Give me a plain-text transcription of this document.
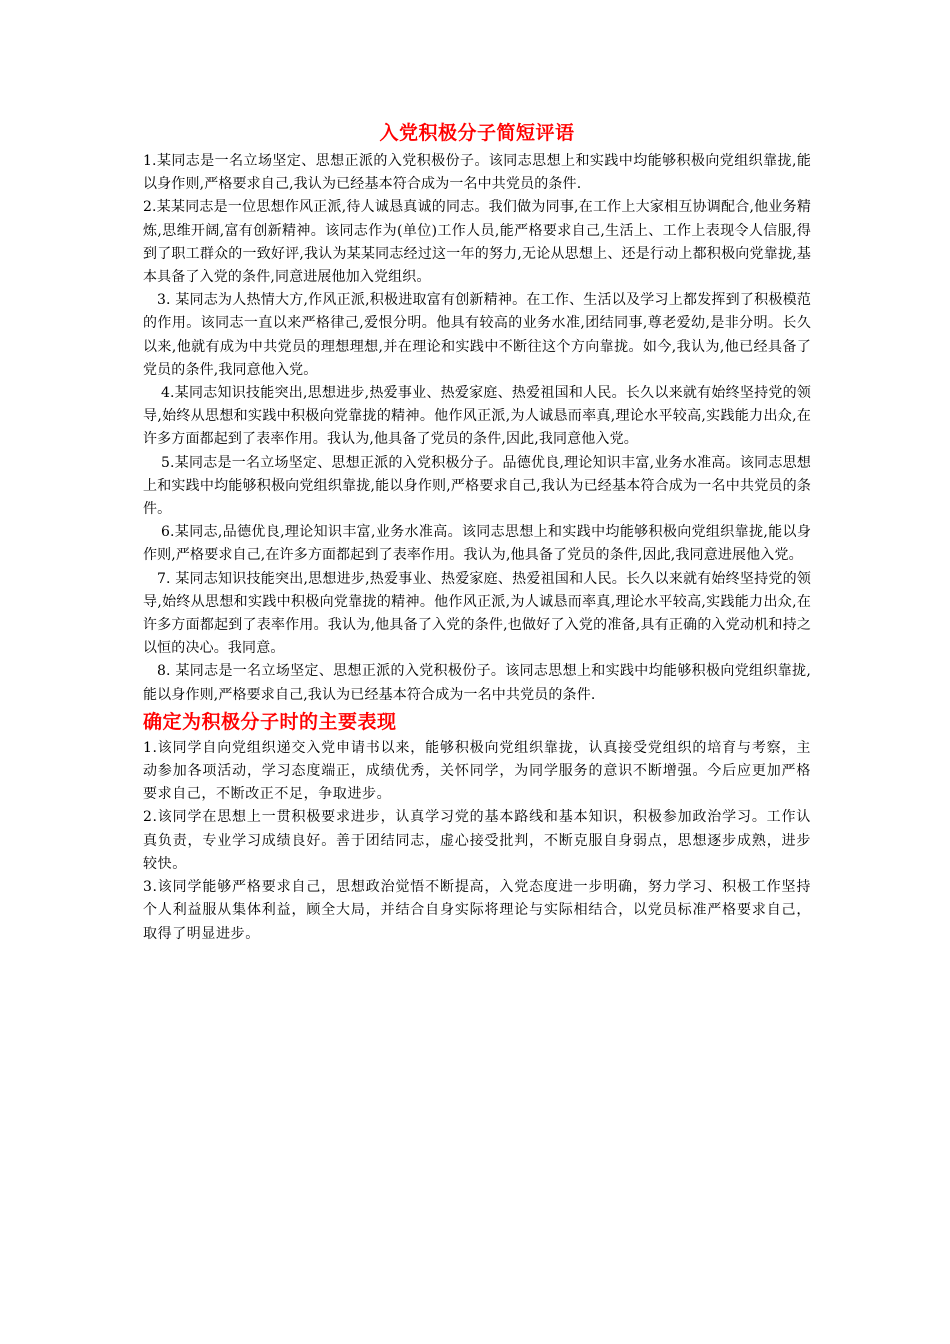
入党积极分子简短评语

1.某同志是一名立场坚定、思想正派的入党积极份子。该同志思想上和实践中均能够积极向党组织靠拢,能以身作则,严格要求自己,我认为已经基本符合成为一名中共党员的条件.

2.某某同志是一位思想作风正派,待人诚恳真诚的同志。我们做为同事,在工作上大家相互协调配合,他业务精炼,思维开阔,富有创新精神。该同志作为(单位)工作人员,能严格要求自己,生活上、工作上表现令人信服,得到了职工群众的一致好评,我认为某某同志经过这一年的努力,无论从思想上、还是行动上都积极向党靠拢,基本具备了入党的条件,同意进展他加入党组织。

3. 某同志为人热情大方,作风正派,积极进取富有创新精神。在工作、生活以及学习上都发挥到了积极模范的作用。该同志一直以来严格律己,爱恨分明。他具有较高的业务水准,团结同事,尊老爱幼,是非分明。长久以来,他就有成为中共党员的理想理想,并在理论和实践中不断往这个方向靠拢。如今,我认为,他已经具备了党员的条件,我同意他入党。

4.某同志知识技能突出,思想进步,热爱事业、热爱家庭、热爱祖国和人民。长久以来就有始终坚持党的领导,始终从思想和实践中积极向党靠拢的精神。他作风正派,为人诚恳而率真,理论水平较高,实践能力出众,在许多方面都起到了表率作用。我认为,他具备了党员的条件,因此,我同意他入党。

5.某同志是一名立场坚定、思想正派的入党积极分子。品德优良,理论知识丰富,业务水准高。该同志思想上和实践中均能够积极向党组织靠拢,能以身作则,严格要求自己,我认为已经基本符合成为一名中共党员的条件。

6.某同志,品德优良,理论知识丰富,业务水准高。该同志思想上和实践中均能够积极向党组织靠拢,能以身作则,严格要求自己,在许多方面都起到了表率作用。我认为,他具备了党员的条件,因此,我同意进展他入党。

7. 某同志知识技能突出,思想进步,热爱事业、热爱家庭、热爱祖国和人民。长久以来就有始终坚持党的领导,始终从思想和实践中积极向党靠拢的精神。他作风正派,为人诚恳而率真,理论水平较高,实践能力出众,在许多方面都起到了表率作用。我认为,他具备了入党的条件,也做好了入党的准备,具有正确的入党动机和持之以恒的决心。我同意。

8. 某同志是一名立场坚定、思想正派的入党积极份子。该同志思想上和实践中均能够积极向党组织靠拢,能以身作则,严格要求自己,我认为已经基本符合成为一名中共党员的条件.

确定为积极分子时的主要表现

1.该同学自向党组织递交入党申请书以来，能够积极向党组织靠拢，认真接受党组织的培育与考察，主动参加各项活动，学习态度端正，成绩优秀，关怀同学，为同学服务的意识不断增强。今后应更加严格要求自己，不断改正不足，争取进步。

2.该同学在思想上一贯积极要求进步，认真学习党的基本路线和基本知识，积极参加政治学习。工作认真负责，专业学习成绩良好。善于团结同志，虚心接受批判，不断克服自身弱点，思想逐步成熟，进步较快。

3.该同学能够严格要求自己，思想政治觉悟不断提高，入党态度进一步明确，努力学习、积极工作坚持个人利益服从集体利益，顾全大局，并结合自身实际将理论与实际相结合，以党员标准严格要求自己，取得了明显进步。
